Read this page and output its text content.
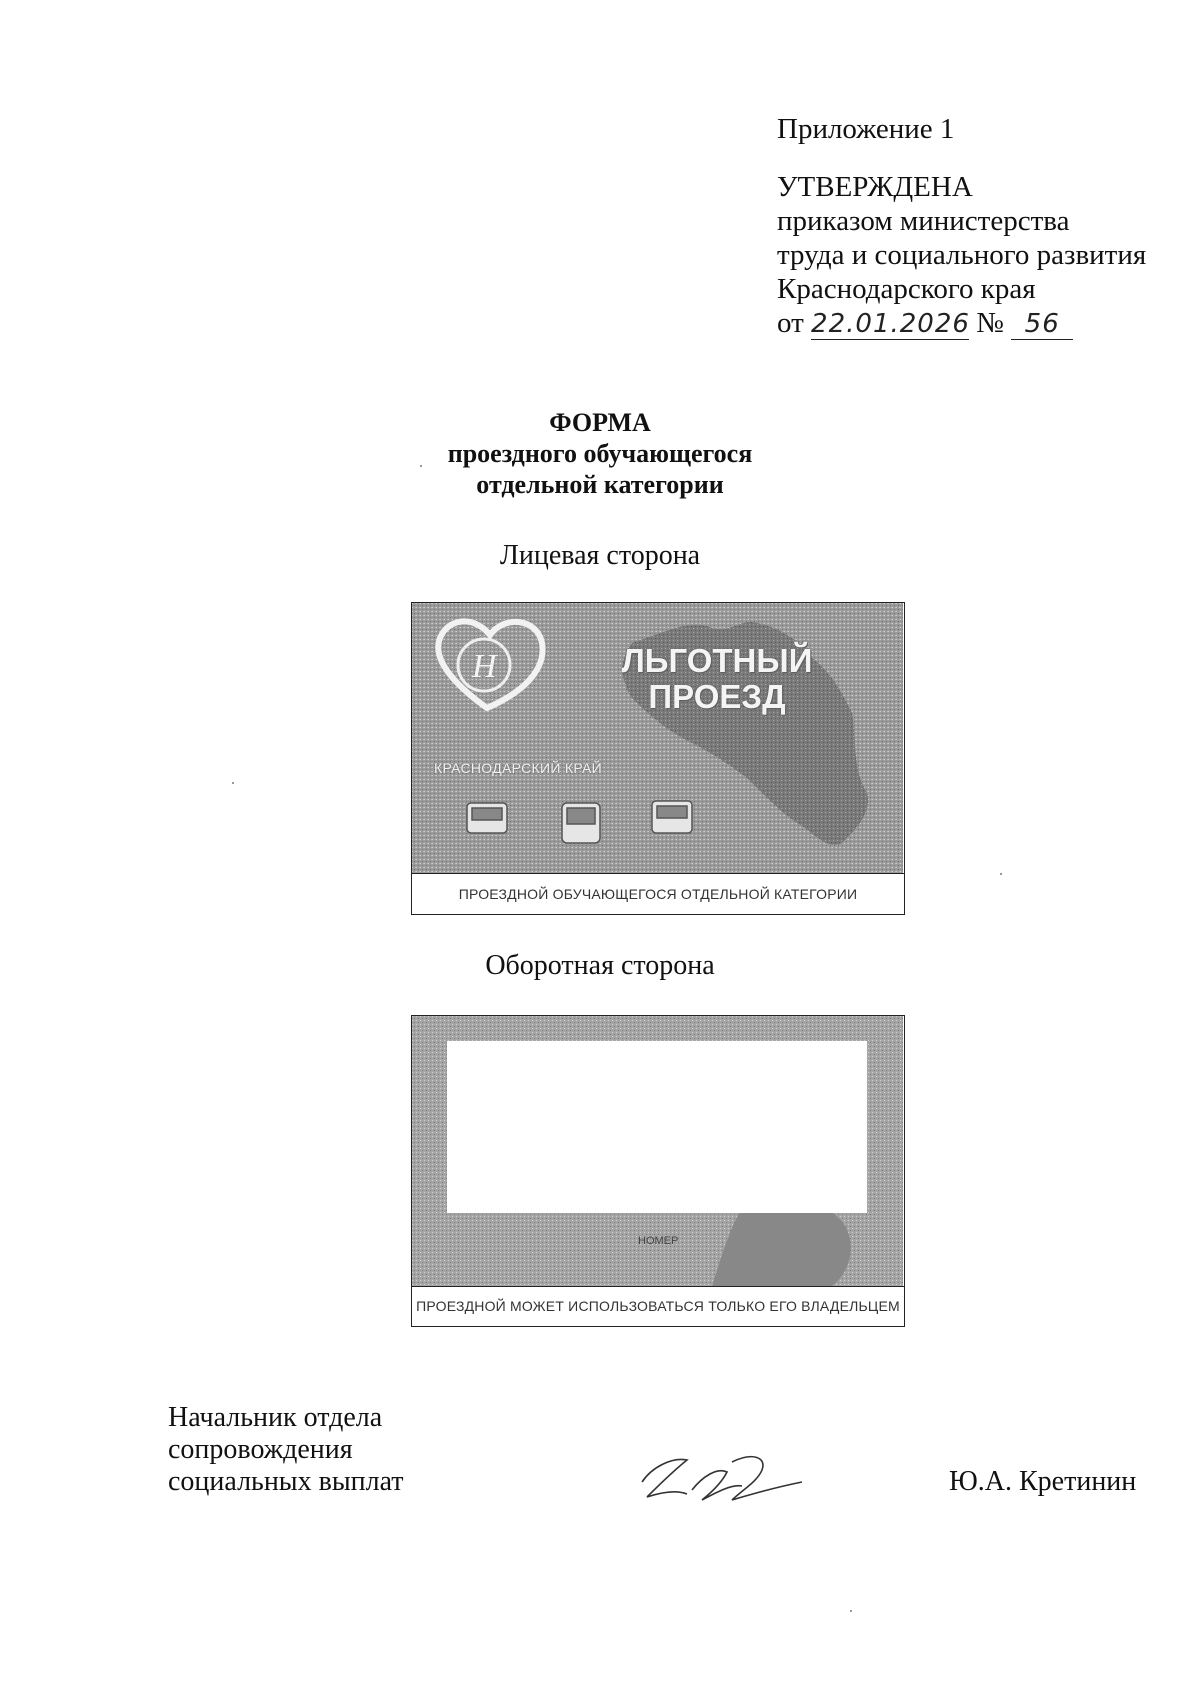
Приложение 1
УТВЕРЖДЕНА
приказом министерства
труда и социального развития
Краснодарского края
от 22.01.2026 № 56
ФОРМА
проездного обучающегося
отдельной категории
Лицевая сторона
Н	ЛЬГОТНЫЙ
ПРОЕЗД
КРАСНОДАРСКИЙ КРАЙ
ПРОЕЗДНОЙ ОБУЧАЮЩЕГОСЯ ОТДЕЛЬНОЙ КАТЕГОРИИ
Оборотная сторона
НОМЕР
ПРОЕЗДНОЙ МОЖЕТ ИСПОЛЬЗОВАТЬСЯ ТОЛЬКО ЕГО ВЛАДЕЛЬЦЕМ
Начальник отдела
сопровождения
социальных выплат	Ю.А. Кретинин
